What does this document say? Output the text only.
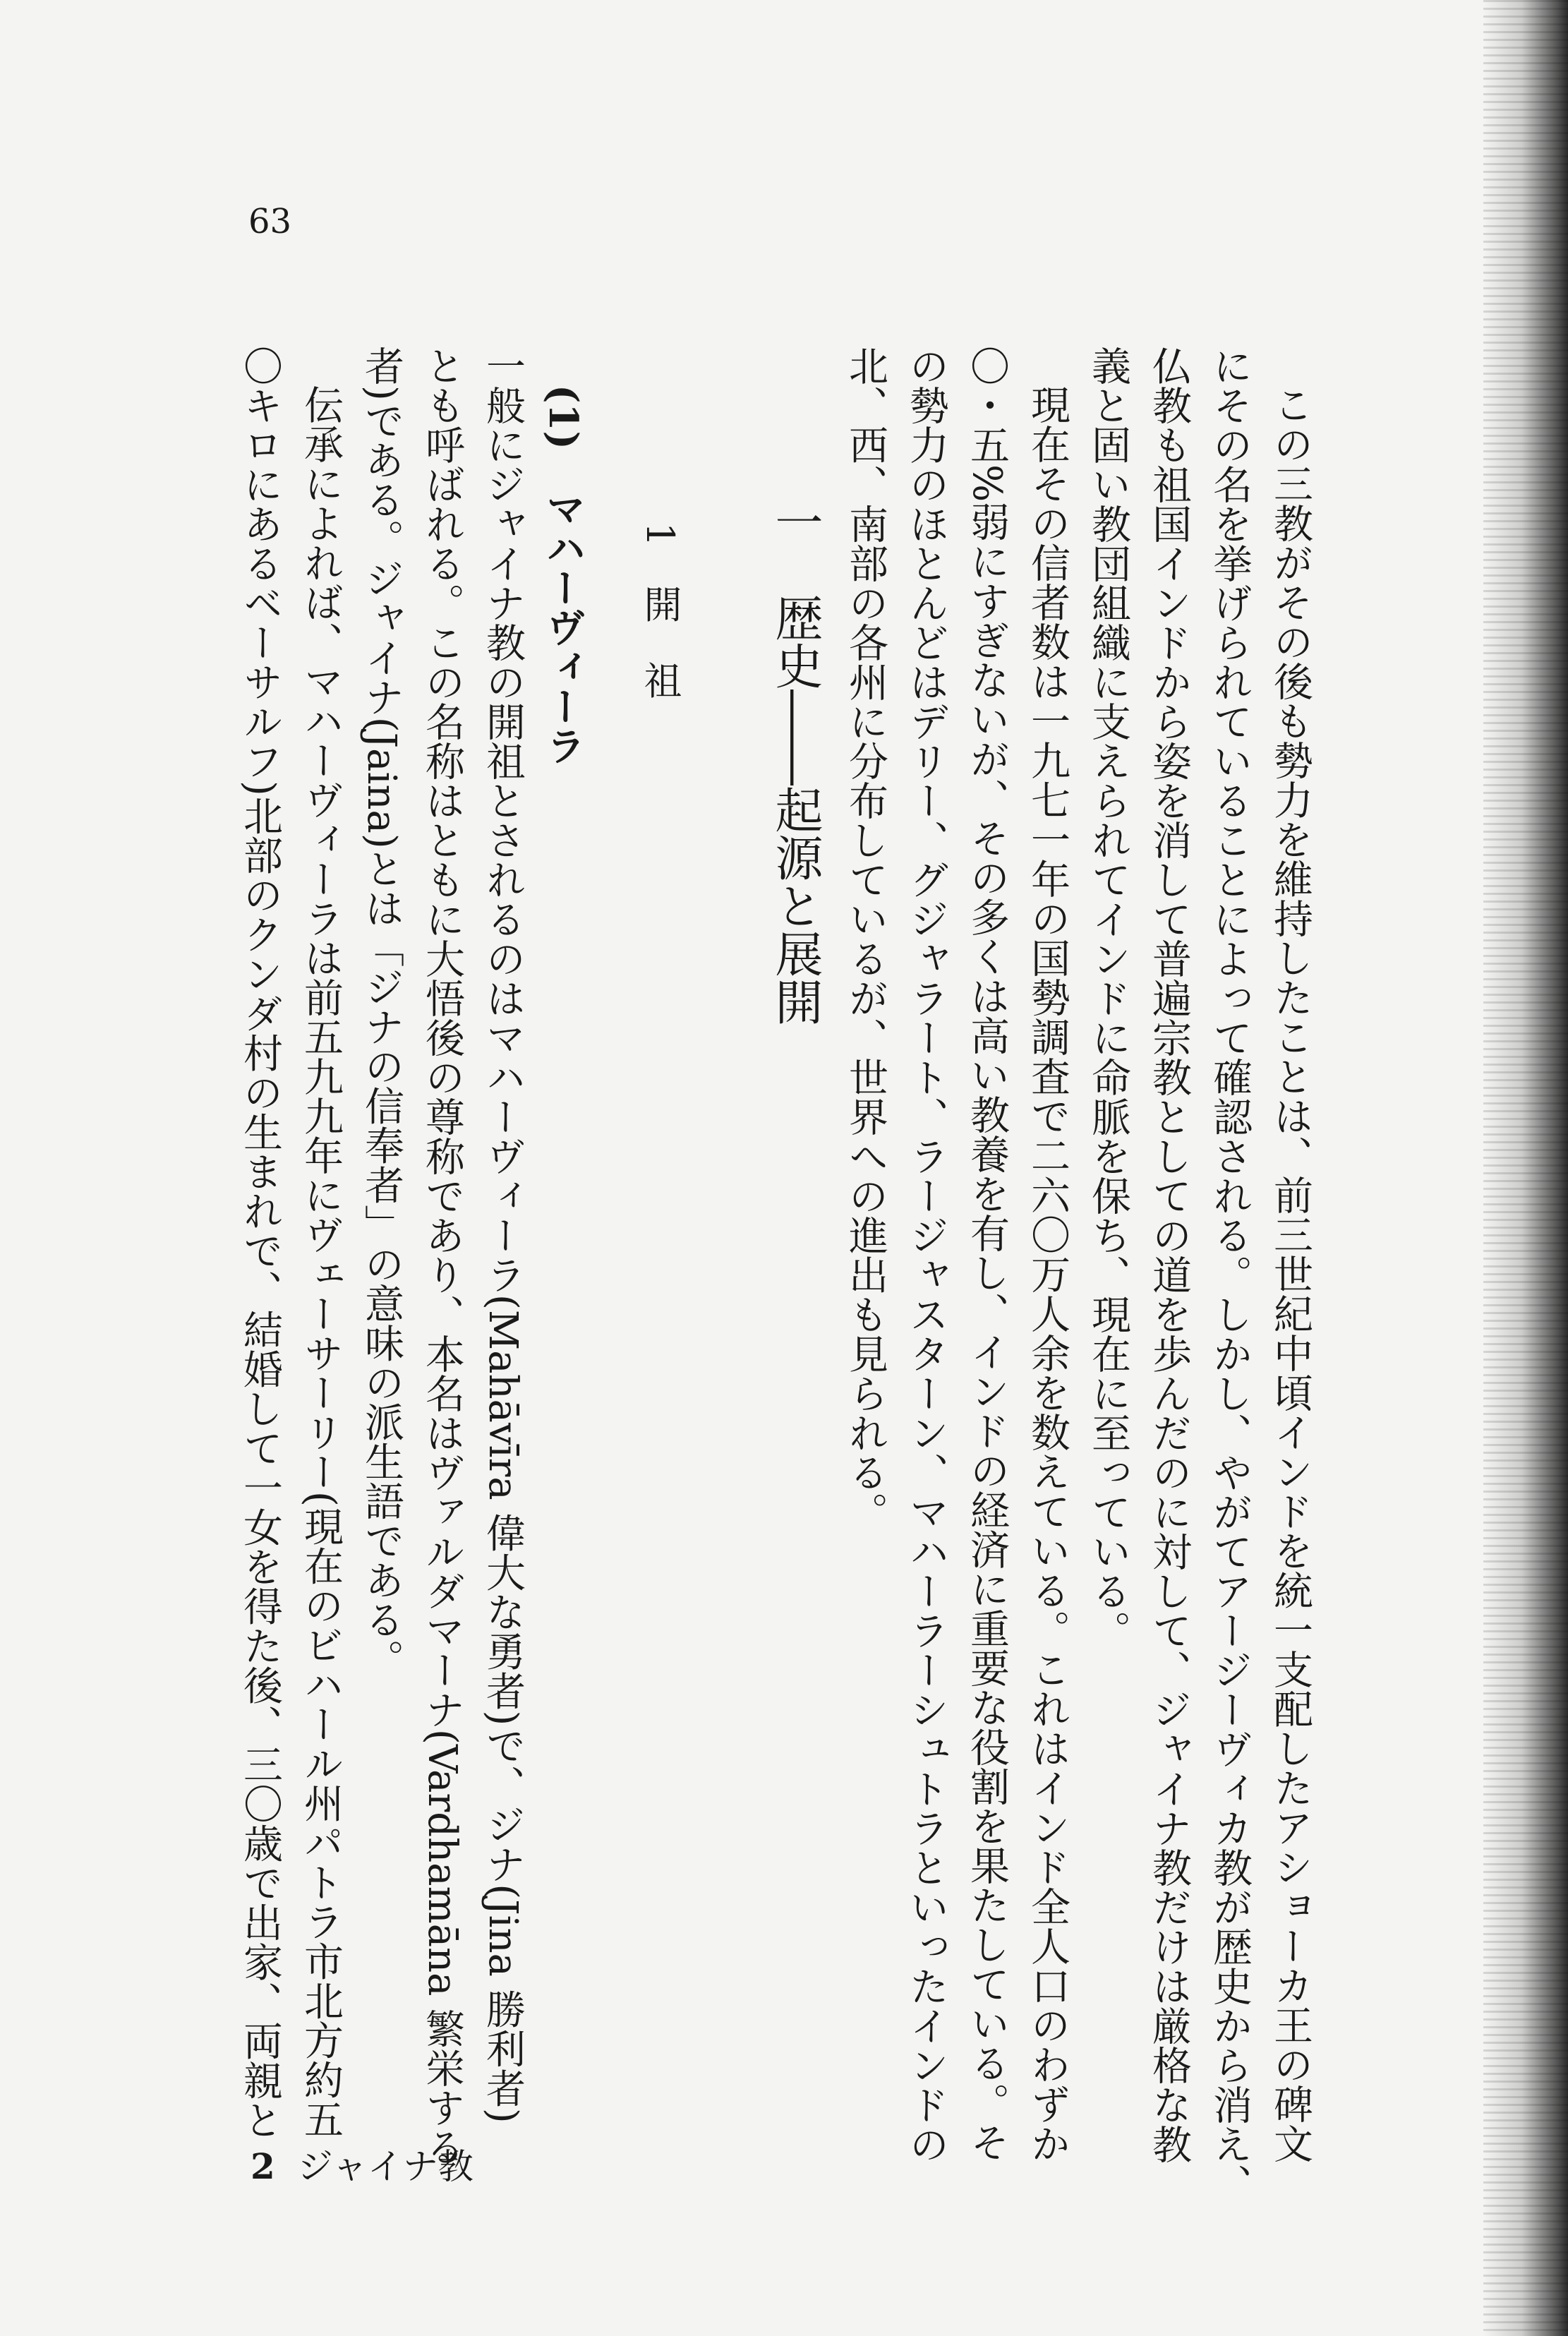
63
この三教がその後も勢力を維持したことは、前三世紀中頃インドを統一支配したアショーカ王の碑文
にその名を挙げられていることによって確認される。しかし、やがてアージーヴィカ教が歴史から消え、
仏教も祖国インドから姿を消して普遍宗教としての道を歩んだのに対して、ジャイナ教だけは厳格な教
義と固い教団組織に支えられてインドに命脈を保ち、現在に至っている。
現在その信者数は一九七一年の国勢調査で二六〇万人余を数えている。これはインド全人口のわずか
〇・五%弱にすぎないが、その多くは高い教養を有し、インドの経済に重要な役割を果たしている。そ
の勢力のほとんどはデリー、グジャラート、ラージャスターン、マハーラーシュトラといったインドの
北、西、南部の各州に分布しているが、世界への進出も見られる。
一　歴史――起源と展開
1　開　祖
(1)　マハーヴィーラ
一般にジャイナ教の開祖とされるのはマハーヴィーラ(Mahāvīra 偉大な勇者)で、ジナ(Jina 勝利者)
とも呼ばれる。この名称はともに大悟後の尊称であり、本名はヴァルダマーナ(Vardhamāna 繁栄する
者)である。ジャイナ(Jaina)とは「ジナの信奉者」の意味の派生語である。
伝承によれば、マハーヴィーラは前五九九年にヴェーサーリー(現在のビハール州パトラ市北方約五
〇キロにあるベーサルフ)北部のクンダ村の生まれで、結婚して一女を得た後、三〇歳で出家、両親と
2 ジャイナ教
